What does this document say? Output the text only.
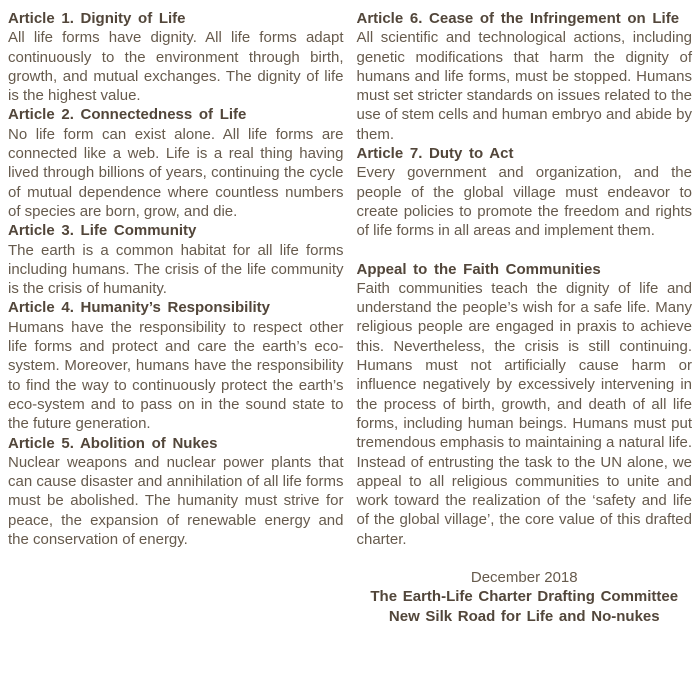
Article 1. Dignity of Life

All life forms have dignity. All life forms adapt continuously to the environment through birth, growth, and mutual exchanges. The dignity of life is the highest value.

Article 2. Connectedness of Life

No life form can exist alone. All life forms are connected like a web. Life is a real thing having lived through billions of years, continuing the cycle of mutual dependence where countless numbers of species are born, grow, and die.

Article 3. Life Community

The earth is a common habitat for all life forms including humans. The crisis of the life community is the crisis of humanity.

Article 4. Humanity’s Responsibility

Humans have the responsibility to respect other life forms and protect and care the earth’s eco-system. Moreover, humans have the responsibility to find the way to continuously protect the earth’s eco-system and to pass on in the sound state to the future generation.

Article 5. Abolition of Nukes

Nuclear weapons and nuclear power plants that can cause disaster and annihilation of all life forms must be abolished. The humanity must strive for peace, the expansion of renewable energy and the conservation of energy.

Article 6. Cease of the Infringement on Life

All scientific and technological actions, including genetic modifications that harm the dignity of humans and life forms, must be stopped. Humans must set stricter standards on issues related to the use of stem cells and human embryo and abide by them.

Article 7. Duty to Act

Every government and organization, and the people of the global village must endeavor to create policies to promote the freedom and rights of life forms in all areas and implement them.

Appeal to the Faith Communities

Faith communities teach the dignity of life and understand the people’s wish for a safe life. Many religious people are engaged in praxis to achieve this. Nevertheless, the crisis is still continuing. Humans must not artificially cause harm or influence negatively by excessively intervening in the process of birth, growth, and death of all life forms, including human beings. Humans must put tremendous emphasis to maintaining a natural life. Instead of entrusting the task to the UN alone, we appeal to all religious communities to unite and work toward the realization of the ‘safety and life of the global village’, the core value of this drafted charter.

December 2018
The Earth-Life Charter Drafting Committee
New Silk Road for Life and No-nukes
